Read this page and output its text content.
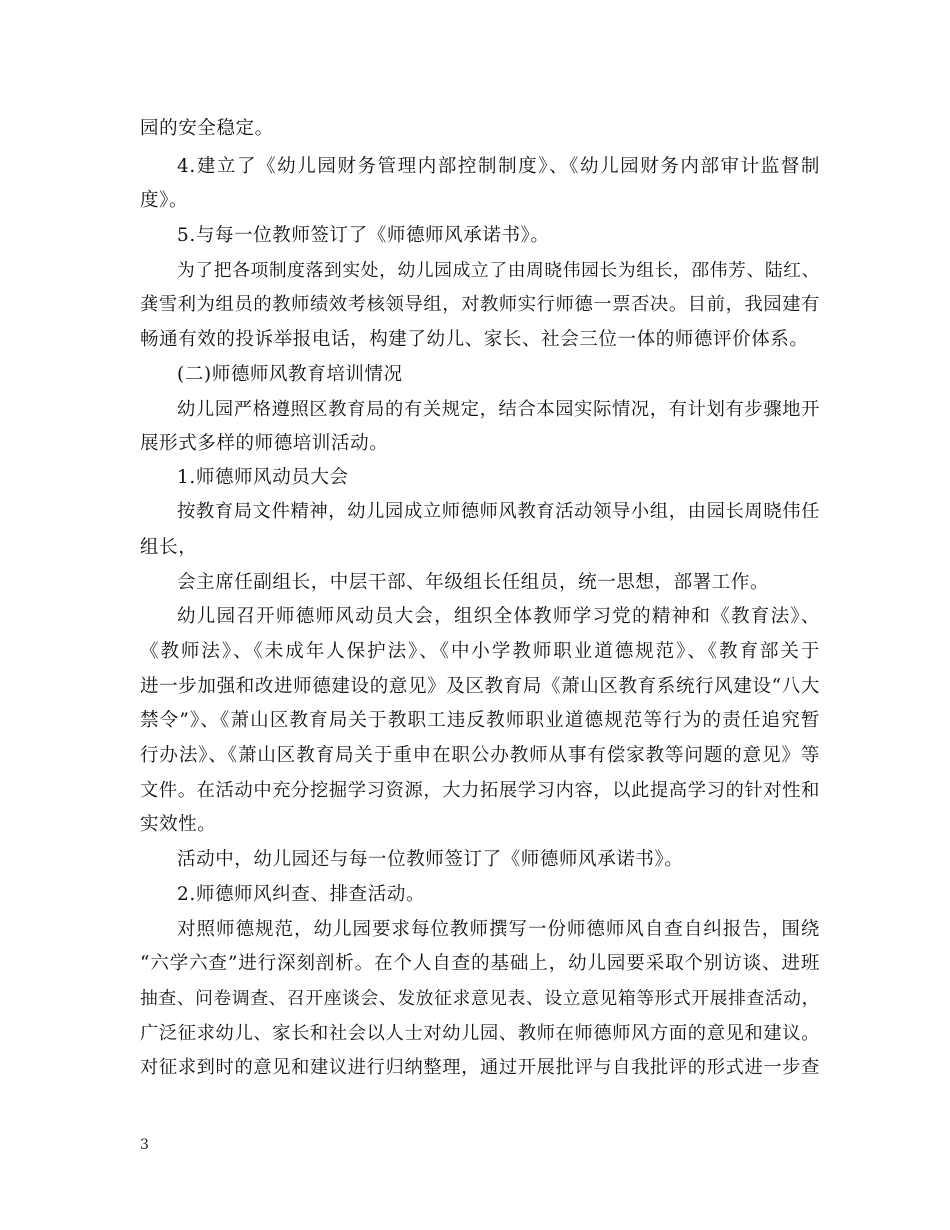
园的安全稳定。
4.建立了《幼儿园财务管理内部控制制度》、《幼儿园财务内部审计监督制
度》。
5.与每一位教师签订了《师德师风承诺书》。
为了把各项制度落到实处，幼儿园成立了由周晓伟园长为组长，邵伟芳、陆红、
龚雪利为组员的教师绩效考核领导组，对教师实行师德一票否决。目前，我园建有
畅通有效的投诉举报电话，构建了幼儿、家长、社会三位一体的师德评价体系。
(二)师德师风教育培训情况
幼儿园严格遵照区教育局的有关规定，结合本园实际情况，有计划有步骤地开
展形式多样的师德培训活动。
1.师德师风动员大会
按教育局文件精神，幼儿园成立师德师风教育活动领导小组，由园长周晓伟任
组长，
会主席任副组长，中层干部、年级组长任组员，统一思想，部署工作。
幼儿园召开师德师风动员大会，组织全体教师学习党的精神和《教育法》、
《教师法》、《未成年人保护法》、《中小学教师职业道德规范》、《教育部关于
进一步加强和改进师德建设的意见》及区教育局《萧山区教育系统行风建设“八大
禁令”》、《萧山区教育局关于教职工违反教师职业道德规范等行为的责任追究暂
行办法》、《萧山区教育局关于重申在职公办教师从事有偿家教等问题的意见》等
文件。在活动中充分挖掘学习资源，大力拓展学习内容，以此提高学习的针对性和
实效性。
活动中，幼儿园还与每一位教师签订了《师德师风承诺书》。
2.师德师风纠查、排查活动。
对照师德规范，幼儿园要求每位教师撰写一份师德师风自查自纠报告，围绕
“六学六查”进行深刻剖析。在个人自查的基础上，幼儿园要采取个别访谈、进班
抽查、问卷调查、召开座谈会、发放征求意见表、设立意见箱等形式开展排查活动，
广泛征求幼儿、家长和社会以人士对幼儿园、教师在师德师风方面的意见和建议。
对征求到时的意见和建议进行归纳整理，通过开展批评与自我批评的形式进一步查
3
